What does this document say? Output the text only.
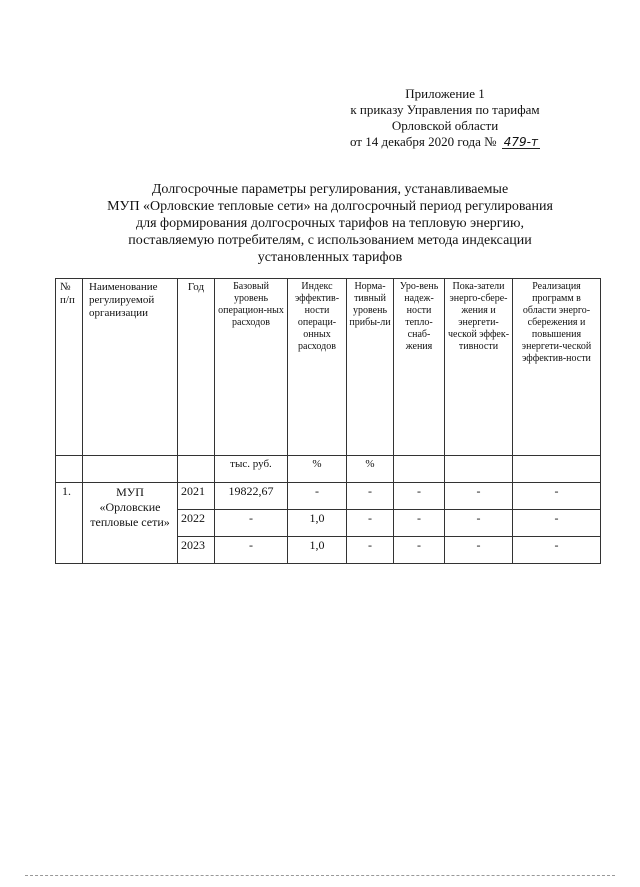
Приложение 1
к приказу Управления по тарифам
Орловской области
от 14 декабря 2020 года № 479-т
Долгосрочные параметры регулирования, устанавливаемые
МУП «Орловские тепловые сети» на долгосрочный период регулирования
для формирования долгосрочных тарифов на тепловую энергию,
поставляемую потребителям, с использованием метода индексации
установленных тарифов
№ п/п	Наименование регулируемой организации	Год	Базовый уровень операцион-ных расходов	Индекс эффектив-ности операци-онных расходов	Норма-тивный уровень прибы-ли	Уро-вень надеж-ности тепло-снаб-жения	Пока-затели энерго-сбере-жения и энергети-ческой эффек-тивности	Реализация программ в области энерго-сбережения и повышения энергети-ческой эффектив-ности
			тыс. руб.	%	%			
1.	МУП «Орловские тепловые сети»	2021	19822,67	-	-	-	-	-
		2022	-	1,0	-	-	-	-
		2023	-	1,0	-	-	-	-
